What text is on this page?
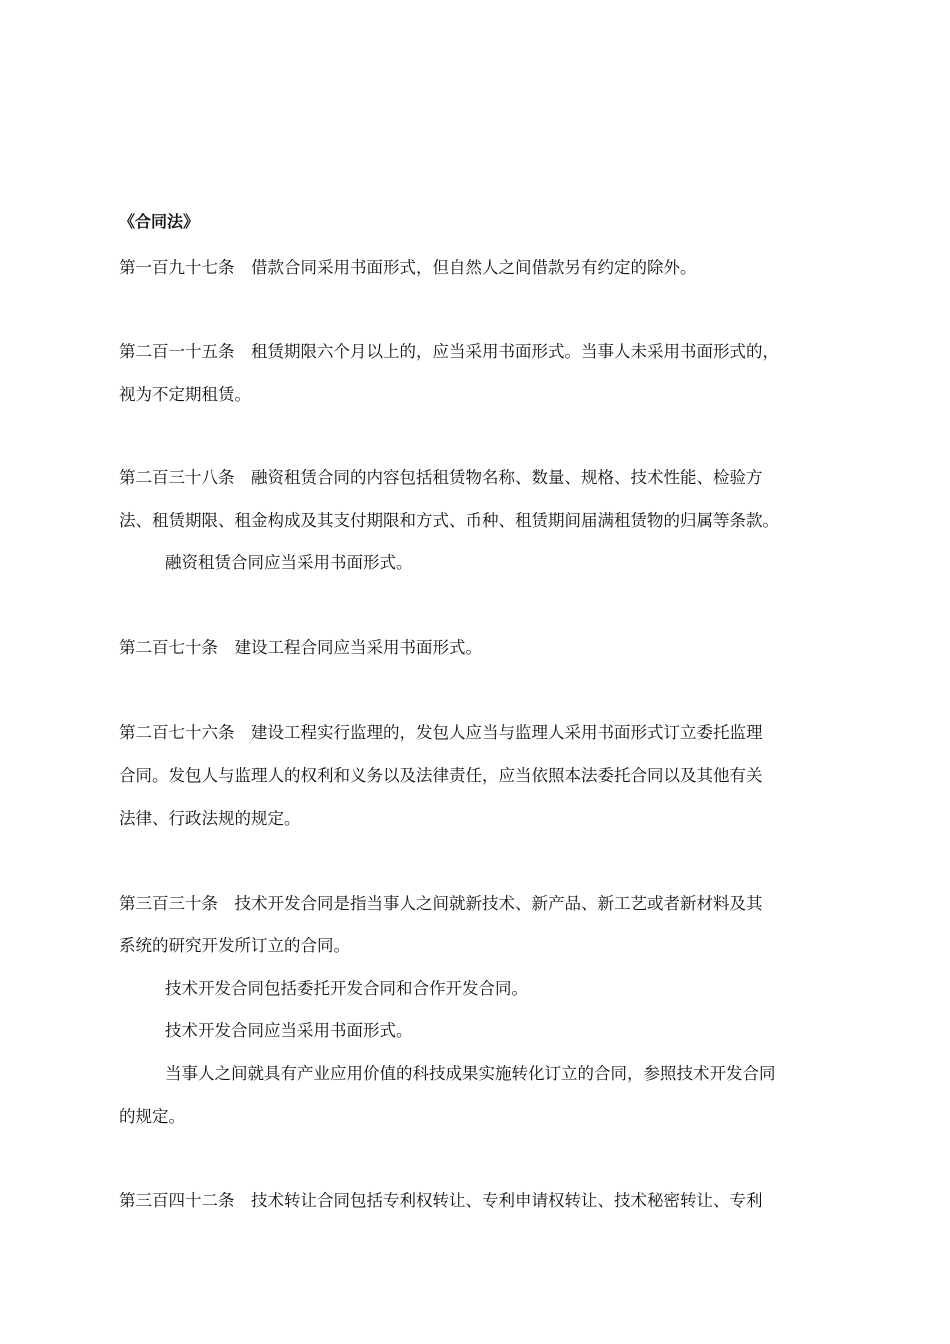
《合同法》
第一百九十七条　借款合同采用书面形式，但自然人之间借款另有约定的除外。
第二百一十五条　租赁期限六个月以上的，应当采用书面形式。当事人未采用书面形式的，
视为不定期租赁。
第二百三十八条　融资租赁合同的内容包括租赁物名称、数量、规格、技术性能、检验方
法、租赁期限、租金构成及其支付期限和方式、币种、租赁期间届满租赁物的归属等条款。
融资租赁合同应当采用书面形式。
第二百七十条　建设工程合同应当采用书面形式。
第二百七十六条　建设工程实行监理的，发包人应当与监理人采用书面形式订立委托监理
合同。发包人与监理人的权利和义务以及法律责任，应当依照本法委托合同以及其他有关
法律、行政法规的规定。
第三百三十条　技术开发合同是指当事人之间就新技术、新产品、新工艺或者新材料及其
系统的研究开发所订立的合同。
技术开发合同包括委托开发合同和合作开发合同。
技术开发合同应当采用书面形式。
当事人之间就具有产业应用价值的科技成果实施转化订立的合同，参照技术开发合同
的规定。
第三百四十二条　技术转让合同包括专利权转让、专利申请权转让、技术秘密转让、专利
